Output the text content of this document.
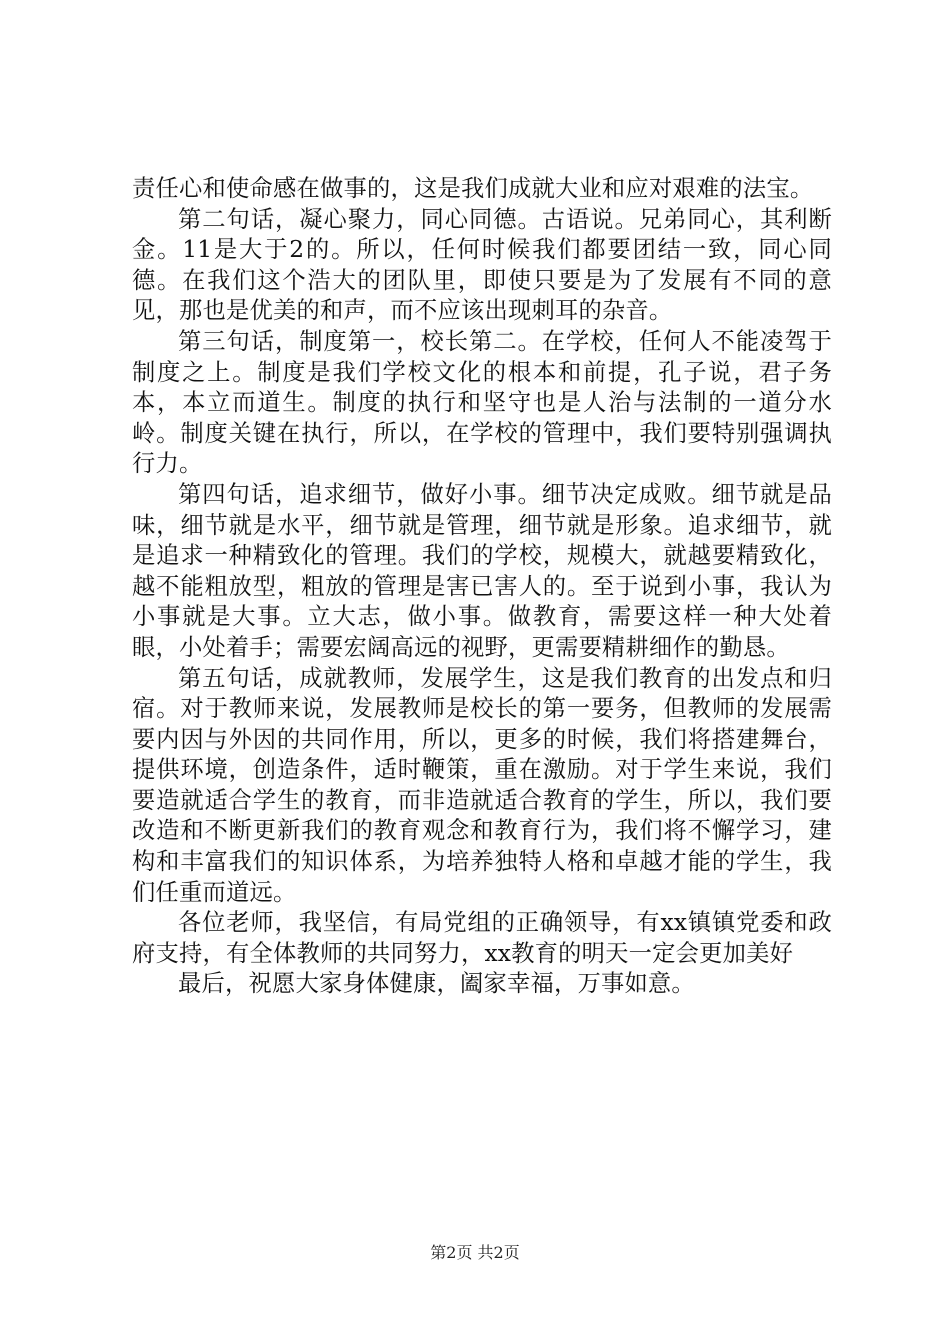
责任心和使命感在做事的，这是我们成就大业和应对艰难的法宝。

第二句话，凝心聚力，同心同德。古语说。兄弟同心，其利断金。11是大于2的。所以，任何时候我们都要团结一致，同心同德。在我们这个浩大的团队里，即使只要是为了发展有不同的意见，那也是优美的和声，而不应该出现刺耳的杂音。

第三句话，制度第一，校长第二。在学校，任何人不能凌驾于制度之上。制度是我们学校文化的根本和前提，孔子说，君子务本，本立而道生。制度的执行和坚守也是人治与法制的一道分水岭。制度关键在执行，所以，在学校的管理中，我们要特别强调执行力。

第四句话，追求细节，做好小事。细节决定成败。细节就是品味，细节就是水平，细节就是管理，细节就是形象。追求细节，就是追求一种精致化的管理。我们的学校，规模大，就越要精致化，越不能粗放型，粗放的管理是害已害人的。至于说到小事，我认为小事就是大事。立大志，做小事。做教育，需要这样一种大处着眼，小处着手；需要宏阔高远的视野，更需要精耕细作的勤恳。

第五句话，成就教师，发展学生，这是我们教育的出发点和归宿。对于教师来说，发展教师是校长的第一要务，但教师的发展需要内因与外因的共同作用，所以，更多的时候，我们将搭建舞台，提供环境，创造条件，适时鞭策，重在激励。对于学生来说，我们要造就适合学生的教育，而非造就适合教育的学生，所以，我们要改造和不断更新我们的教育观念和教育行为，我们将不懈学习，建构和丰富我们的知识体系，为培养独特人格和卓越才能的学生，我们任重而道远。

各位老师，我坚信，有局党组的正确领导，有xx镇镇党委和政府支持，有全体教师的共同努力，xx教育的明天一定会更加美好

最后，祝愿大家身体健康，阖家幸福，万事如意。

第2页 共2页
